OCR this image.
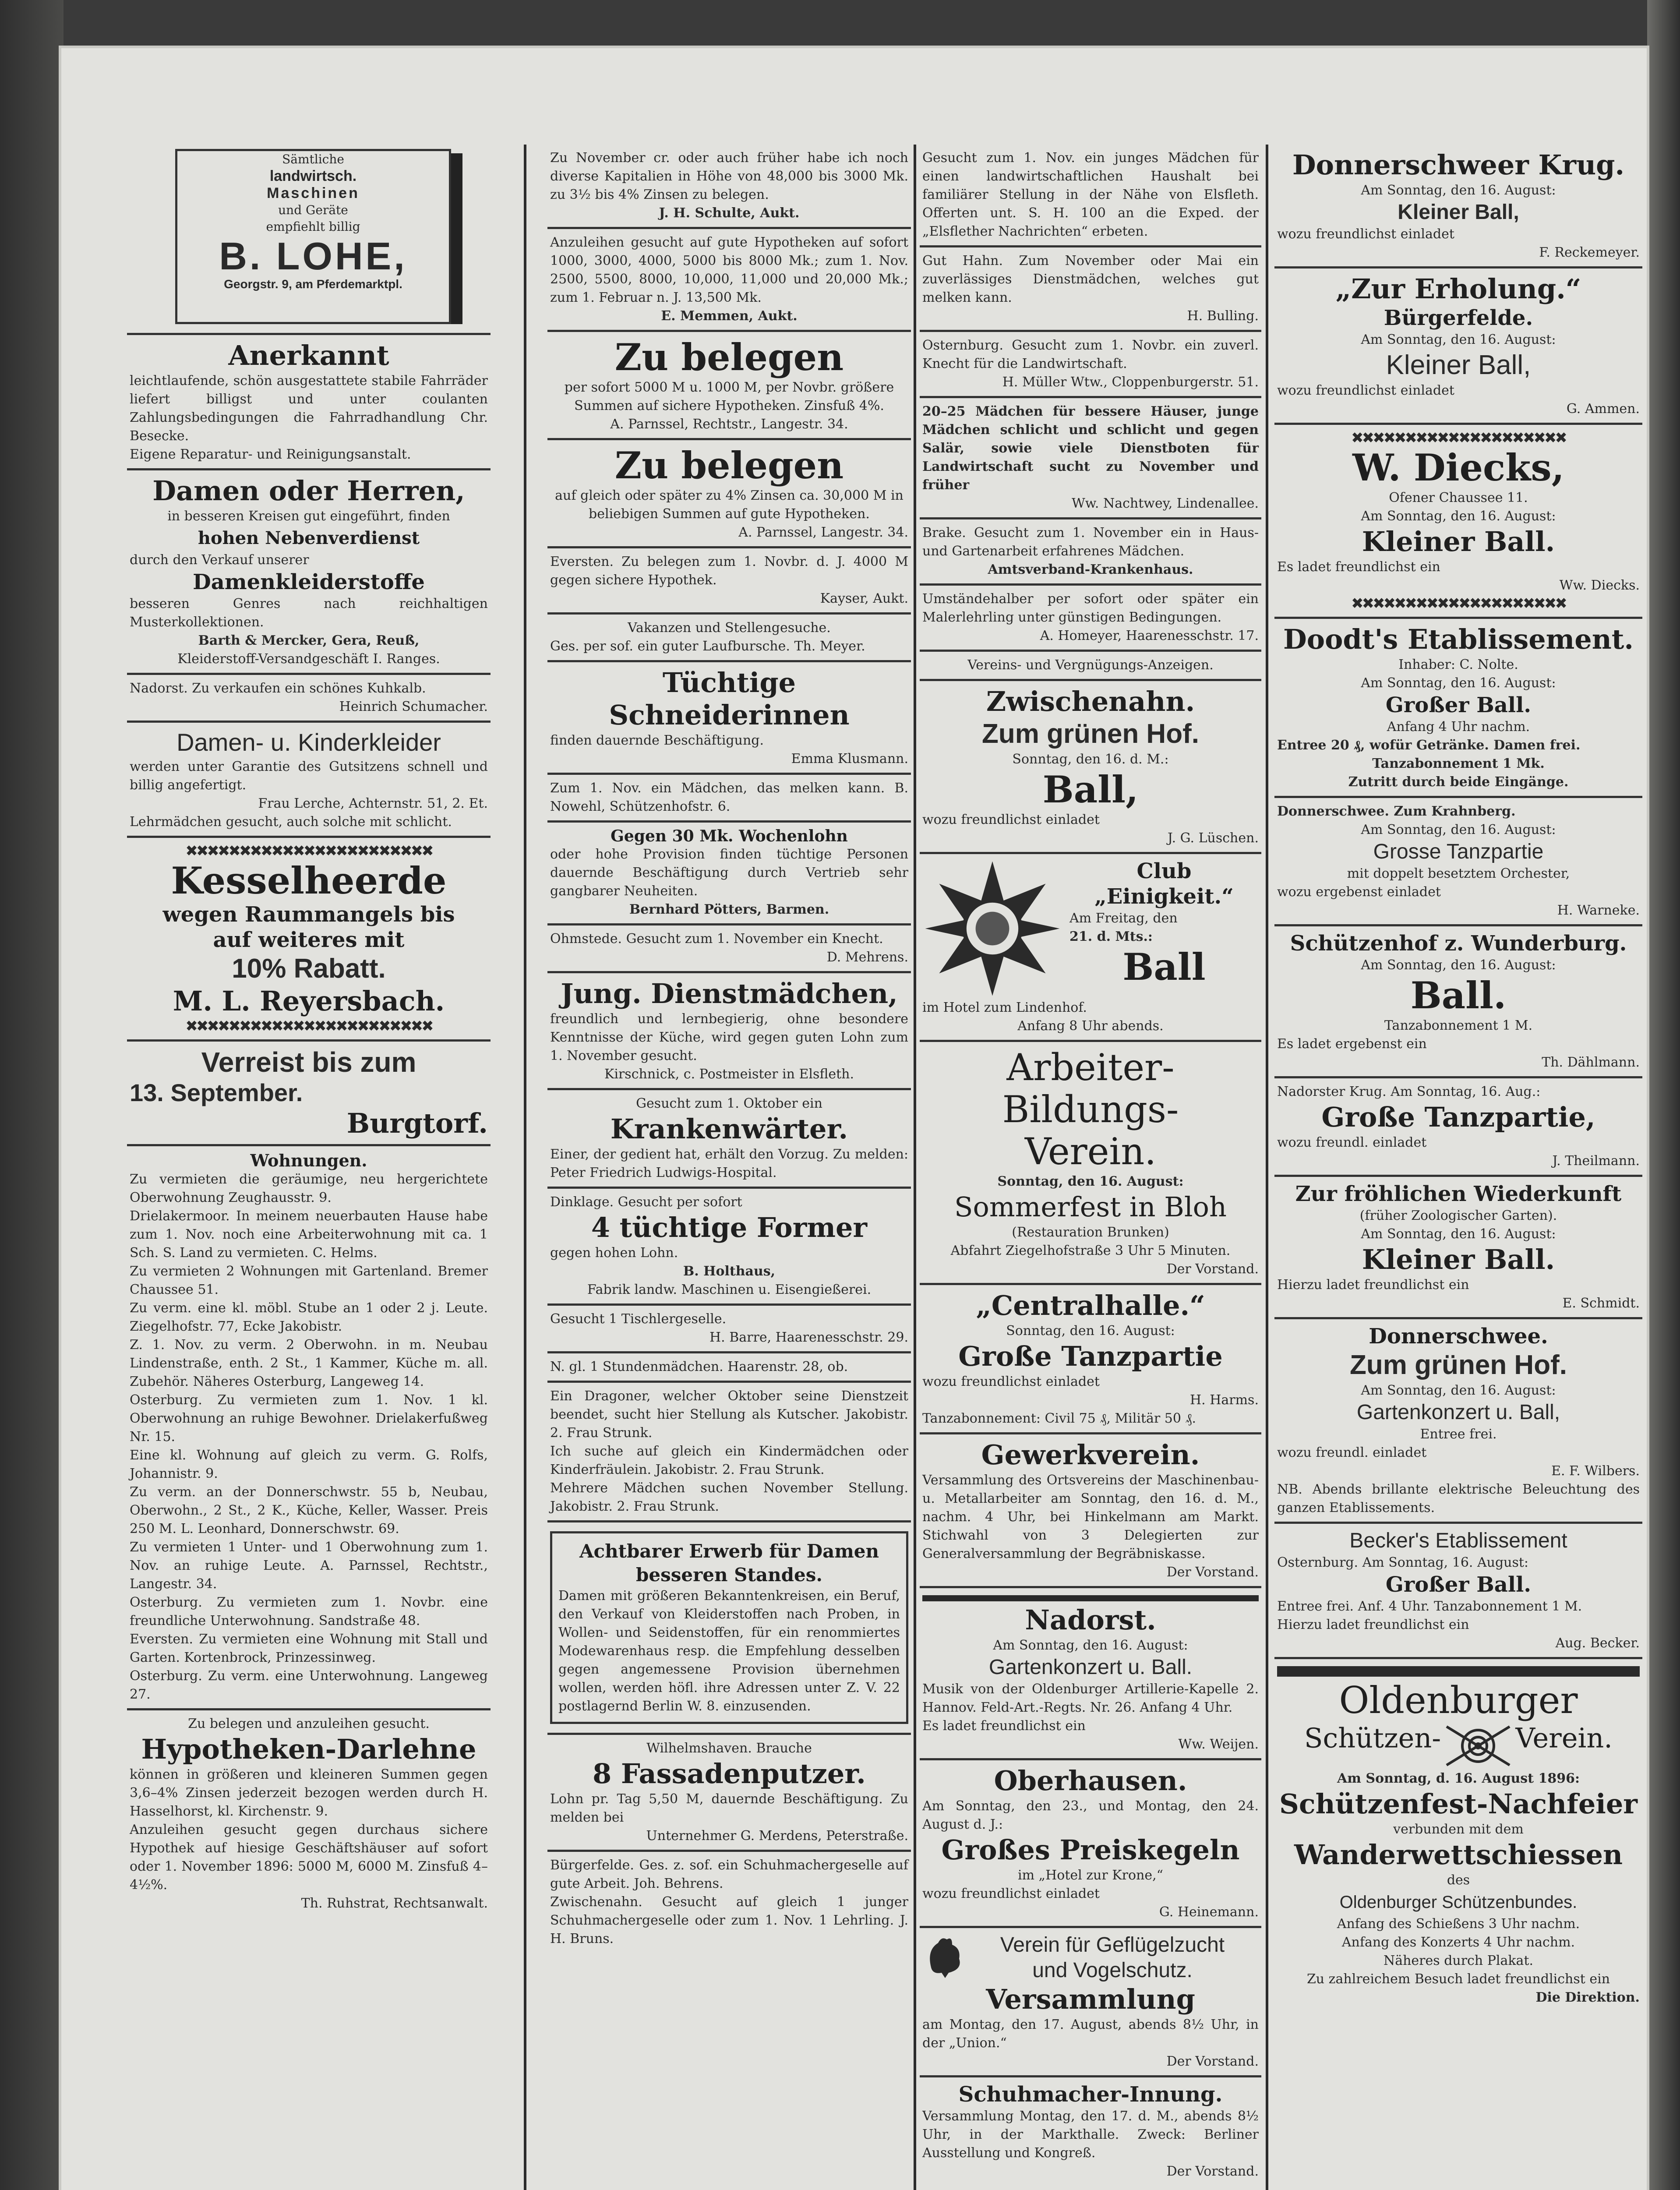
Sämtliche
landwirtsch.
Maschinen
und Geräte
empfiehlt billig
B. LOHE,
Georgstr. 9, am Pferdemarktpl.
Anerkannt
leichtlaufende, schön ausgestattete stabile Fahrräder liefert billigst und unter coulanten Zahlungsbedingungen die Fahrradhandlung Chr. Besecke.
Eigene Reparatur- und Reinigungsanstalt.
Damen oder Herren,
in besseren Kreisen gut eingeführt, finden
hohen Nebenverdienst
durch den Verkauf unserer
Damenkleiderstoffe
besseren Genres nach reichhaltigen Musterkollektionen.
Barth & Mercker, Gera, Reuß,
Kleiderstoff-Versandgeschäft I. Ranges.
Nadorst. Zu verkaufen ein schönes Kuhkalb.
Heinrich Schumacher.
Damen- u. Kinderkleider
werden unter Garantie des Gutsitzens schnell und billig angefertigt.
Frau Lerche, Achternstr. 51, 2. Et.
Lehrmädchen gesucht, auch solche mit schlicht.
✖✖✖✖✖✖✖✖✖✖✖✖✖✖✖✖✖✖✖✖✖✖✖
Kesselheerde
wegen Raummangels bis
auf weiteres mit
10% Rabatt.
M. L. Reyersbach.
✖✖✖✖✖✖✖✖✖✖✖✖✖✖✖✖✖✖✖✖✖✖✖
Verreist bis zum
13. September.
Burgtorf.
Wohnungen.
Zu vermieten die geräumige, neu hergerichtete Oberwohnung Zeughausstr. 9.
Drielakermoor. In meinem neuerbauten Hause habe zum 1. Nov. noch eine Arbeiterwohnung mit ca. 1 Sch. S. Land zu vermieten. C. Helms.
Zu vermieten 2 Wohnungen mit Gartenland. Bremer Chaussee 51.
Zu verm. eine kl. möbl. Stube an 1 oder 2 j. Leute. Ziegelhofstr. 77, Ecke Jakobistr.
Z. 1. Nov. zu verm. 2 Oberwohn. in m. Neubau Lindenstraße, enth. 2 St., 1 Kammer, Küche m. all. Zubehör. Näheres Osterburg, Langeweg 14.
Osterburg. Zu vermieten zum 1. Nov. 1 kl. Oberwohnung an ruhige Bewohner. Drielakerfußweg Nr. 15.
Eine kl. Wohnung auf gleich zu verm. G. Rolfs, Johannistr. 9.
Zu verm. an der Donnerschwstr. 55 b, Neubau, Oberwohn., 2 St., 2 K., Küche, Keller, Wasser. Preis 250 M. L. Leonhard, Donnerschwstr. 69.
Zu vermieten 1 Unter- und 1 Oberwohnung zum 1. Nov. an ruhige Leute. A. Parnssel, Rechtstr., Langestr. 34.
Osterburg. Zu vermieten zum 1. Novbr. eine freundliche Unterwohnung. Sandstraße 48.
Eversten. Zu vermieten eine Wohnung mit Stall und Garten. Kortenbrock, Prinzessinweg.
Osterburg. Zu verm. eine Unterwohnung. Langeweg 27.
Zu belegen und anzuleihen gesucht.
Hypotheken-Darlehne
können in größeren und kleineren Summen gegen 3,6–4% Zinsen jederzeit bezogen werden durch H. Hasselhorst, kl. Kirchenstr. 9.
Anzuleihen gesucht gegen durchaus sichere Hypothek auf hiesige Geschäftshäuser auf sofort oder 1. November 1896: 5000 M, 6000 M. Zinsfuß 4–4½%.
Th. Ruhstrat, Rechtsanwalt.
Zu November cr. oder auch früher habe ich noch diverse Kapitalien in Höhe von 48,000 bis 3000 Mk. zu 3½ bis 4% Zinsen zu belegen.
J. H. Schulte, Aukt.
Anzuleihen gesucht auf gute Hypotheken auf sofort 1000, 3000, 4000, 5000 bis 8000 Mk.; zum 1. Nov. 2500, 5500, 8000, 10,000, 11,000 und 20,000 Mk.; zum 1. Februar n. J. 13,500 Mk.
E. Memmen, Aukt.
Zu belegen
per sofort 5000 M u. 1000 M, per Novbr. größere Summen auf sichere Hypotheken. Zinsfuß 4%.
A. Parnssel, Rechtstr., Langestr. 34.
Zu belegen
auf gleich oder später zu 4% Zinsen ca. 30,000 M in beliebigen Summen auf gute Hypotheken.
A. Parnssel, Langestr. 34.
Eversten. Zu belegen zum 1. Novbr. d. J. 4000 M gegen sichere Hypothek.
Kayser, Aukt.
Vakanzen und Stellengesuche.
Ges. per sof. ein guter Laufbursche. Th. Meyer.
Tüchtige Schneiderinnen
finden dauernde Beschäftigung.
Emma Klusmann.
Zum 1. Nov. ein Mädchen, das melken kann. B. Nowehl, Schützenhofstr. 6.
Gegen 30 Mk. Wochenlohn
oder hohe Provision finden tüchtige Personen dauernde Beschäftigung durch Vertrieb sehr gangbarer Neuheiten.
Bernhard Pötters, Barmen.
Ohmstede. Gesucht zum 1. November ein Knecht.
D. Mehrens.
Jung. Dienstmädchen,
freundlich und lernbegierig, ohne besondere Kenntnisse der Küche, wird gegen guten Lohn zum 1. November gesucht.
Kirschnick, c. Postmeister in Elsfleth.
Gesucht zum 1. Oktober ein
Krankenwärter.
Einer, der gedient hat, erhält den Vorzug. Zu melden: Peter Friedrich Ludwigs-Hospital.
Dinklage. Gesucht per sofort
4 tüchtige Former
gegen hohen Lohn.
B. Holthaus,
Fabrik landw. Maschinen u. Eisengießerei.
Gesucht 1 Tischlergeselle.
H. Barre, Haarenesschstr. 29.
N. gl. 1 Stundenmädchen. Haarenstr. 28, ob.
Ein Dragoner, welcher Oktober seine Dienstzeit beendet, sucht hier Stellung als Kutscher. Jakobistr. 2. Frau Strunk.
Ich suche auf gleich ein Kindermädchen oder Kinderfräulein. Jakobistr. 2. Frau Strunk.
Mehrere Mädchen suchen November Stellung. Jakobistr. 2. Frau Strunk.
Achtbarer Erwerb für Damen besseren Standes.
Damen mit größeren Bekanntenkreisen, ein Beruf, den Verkauf von Kleiderstoffen nach Proben, in Wollen- und Seidenstoffen, für ein renommiertes Modewarenhaus resp. die Empfehlung desselben gegen angemessene Provision übernehmen wollen, werden höfl. ihre Adressen unter Z. V. 22 postlagernd Berlin W. 8. einzusenden.
Wilhelmshaven. Brauche
8 Fassadenputzer.
Lohn pr. Tag 5,50 M, dauernde Beschäftigung. Zu melden bei
Unternehmer G. Merdens, Peterstraße.
Bürgerfelde. Ges. z. sof. ein Schuhmachergeselle auf gute Arbeit. Joh. Behrens.
Zwischenahn. Gesucht auf gleich 1 junger Schuhmachergeselle oder zum 1. Nov. 1 Lehrling. J. H. Bruns.
Gesucht zum 1. Nov. ein junges Mädchen für einen landwirtschaftlichen Haushalt bei familiärer Stellung in der Nähe von Elsfleth. Offerten unt. S. H. 100 an die Exped. der „Elsflether Nachrichten“ erbeten.
Gut Hahn. Zum November oder Mai ein zuverlässiges Dienstmädchen, welches gut melken kann.
H. Bulling.
Osternburg. Gesucht zum 1. Novbr. ein zuverl. Knecht für die Landwirtschaft.
H. Müller Wtw., Cloppenburgerstr. 51.
20–25 Mädchen für bessere Häuser, junge Mädchen schlicht und schlicht und gegen Salär, sowie viele Dienstboten für Landwirtschaft sucht zu November und früher
Ww. Nachtwey, Lindenallee.
Brake. Gesucht zum 1. November ein in Haus- und Gartenarbeit erfahrenes Mädchen.
Amtsverband-Krankenhaus.
Umständehalber per sofort oder später ein Malerlehrling unter günstigen Bedingungen.
A. Homeyer, Haarenesschstr. 17.
Vereins- und Vergnügungs-Anzeigen.
Zwischenahn.
Zum grünen Hof.
Sonntag, den 16. d. M.:
Ball,
wozu freundlichst einladet
J. G. Lüschen.
Club
„Einigkeit.“
Am Freitag, den
21. d. Mts.:
Ball
im Hotel zum Lindenhof.
Anfang 8 Uhr abends.
Arbeiter-Bildungs-
Verein.
Sonntag, den 16. August:
Sommerfest in Bloh
(Restauration Brunken)
Abfahrt Ziegelhofstraße 3 Uhr 5 Minuten.
Der Vorstand.
„Centralhalle.“
Sonntag, den 16. August:
Große Tanzpartie
wozu freundlichst einladet
H. Harms.
Tanzabonnement: Civil 75 ₰, Militär 50 ₰.
Gewerkverein.
Versammlung des Ortsvereins der Maschinenbau- u. Metallarbeiter am Sonntag, den 16. d. M., nachm. 4 Uhr, bei Hinkelmann am Markt. Stichwahl von 3 Delegierten zur Generalversammlung der Begräbniskasse.
Der Vorstand.
Nadorst.
Am Sonntag, den 16. August:
Gartenkonzert u. Ball.
Musik von der Oldenburger Artillerie-Kapelle 2. Hannov. Feld-Art.-Regts. Nr. 26. Anfang 4 Uhr.
Es ladet freundlichst ein
Ww. Weijen.
Oberhausen.
Am Sonntag, den 23., und Montag, den 24. August d. J.:
Großes Preiskegeln
im „Hotel zur Krone,“
wozu freundlichst einladet
G. Heinemann.
Verein für Geflügelzucht
und Vogelschutz.
Versammlung
am Montag, den 17. August, abends 8½ Uhr, in der „Union.“
Der Vorstand.
Schuhmacher-Innung.
Versammlung Montag, den 17. d. M., abends 8½ Uhr, in der Markthalle. Zweck: Berliner Ausstellung und Kongreß.
Der Vorstand.
Donnerschweer Krug.
Am Sonntag, den 16. August:
Kleiner Ball,
wozu freundlichst einladet
F. Reckemeyer.
„Zur Erholung.“
Bürgerfelde.
Am Sonntag, den 16. August:
Kleiner Ball,
wozu freundlichst einladet
G. Ammen.
✖✖✖✖✖✖✖✖✖✖✖✖✖✖✖✖✖✖✖✖
W. Diecks,
Ofener Chaussee 11.
Am Sonntag, den 16. August:
Kleiner Ball.
Es ladet freundlichst ein
Ww. Diecks.
✖✖✖✖✖✖✖✖✖✖✖✖✖✖✖✖✖✖✖✖
Doodt's Etablissement.
Inhaber: C. Nolte.
Am Sonntag, den 16. August:
Großer Ball.
Anfang 4 Uhr nachm.
Entree 20 ₰, wofür Getränke. Damen frei.
Tanzabonnement 1 Mk.
Zutritt durch beide Eingänge.
Donnerschwee. Zum Krahnberg.
Am Sonntag, den 16. August:
Grosse Tanzpartie
mit doppelt besetztem Orchester,
wozu ergebenst einladet
H. Warneke.
Schützenhof z. Wunderburg.
Am Sonntag, den 16. August:
Ball.
Tanzabonnement 1 M.
Es ladet ergebenst ein
Th. Dählmann.
Nadorster Krug. Am Sonntag, 16. Aug.:
Große Tanzpartie,
wozu freundl. einladet
J. Theilmann.
Zur fröhlichen Wiederkunft
(früher Zoologischer Garten).
Am Sonntag, den 16. August:
Kleiner Ball.
Hierzu ladet freundlichst ein
E. Schmidt.
Donnerschwee.
Zum grünen Hof.
Am Sonntag, den 16. August:
Gartenkonzert u. Ball,
Entree frei.
wozu freundl. einladet
E. F. Wilbers.
NB. Abends brillante elektrische Beleuchtung des ganzen Etablissements.
Becker's Etablissement
Osternburg. Am Sonntag, 16. August:
Großer Ball.
Entree frei. Anf. 4 Uhr. Tanzabonnement 1 M.
Hierzu ladet freundlichst ein
Aug. Becker.
Oldenburger
Schützen-	Verein.
Am Sonntag, d. 16. August 1896:
Schützenfest-Nachfeier
verbunden mit dem
Wanderwettschiessen
des
Oldenburger Schützenbundes.
Anfang des Schießens 3 Uhr nachm.
Anfang des Konzerts 4 Uhr nachm.
Näheres durch Plakat.
Zu zahlreichem Besuch ladet freundlichst ein
Die Direktion.
